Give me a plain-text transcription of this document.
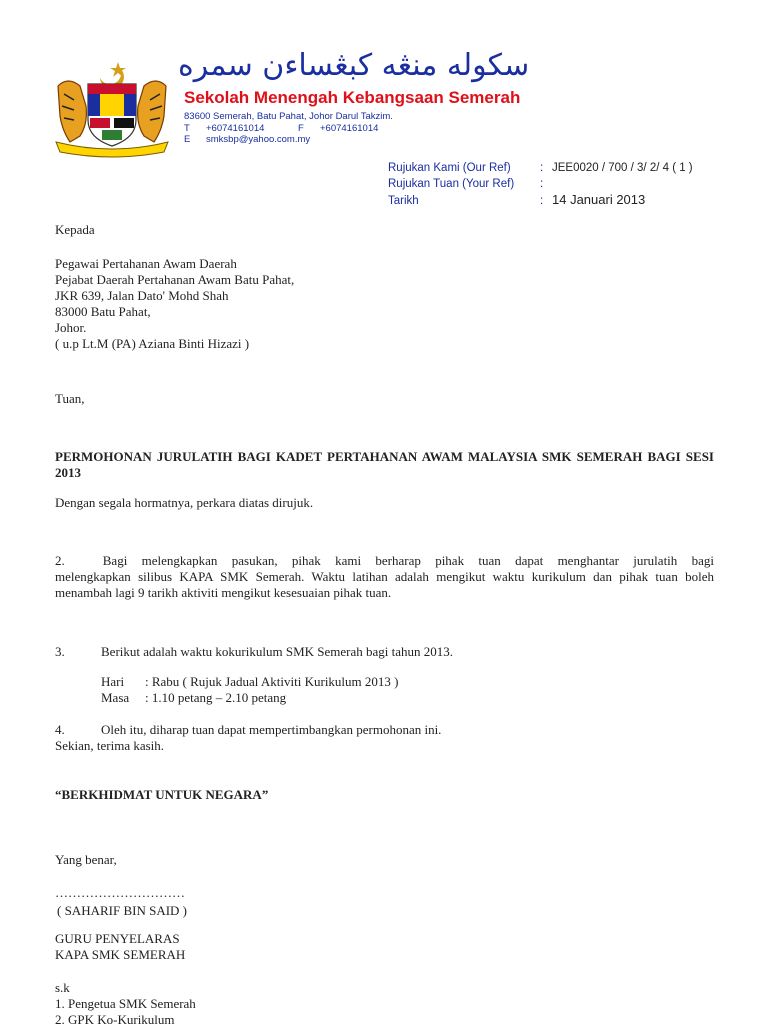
سکوله منڠه کبڠساءن سمره
Sekolah Menengah Kebangsaan Semerah
83600 Semerah, Batu Pahat, Johor Darul Takzim.
T +6074161014	F +6074161014
E smksbp@yahoo.com.my
Rujukan Kami (Our Ref)	: JEE0020 / 700 / 3/ 2/ 4 ( 1 )
Rujukan Tuan (Your Ref) :
Tarikh	: 14 Januari 2013
Kepada
Pegawai Pertahanan Awam Daerah
Pejabat Daerah Pertahanan Awam Batu Pahat,
JKR 639, Jalan Dato' Mohd Shah
83000 Batu Pahat,
Johor.
( u.p Lt.M (PA) Aziana Binti Hizazi )
Tuan,
PERMOHONAN JURULATIH BAGI KADET PERTAHANAN AWAM MALAYSIA SMK SEMERAH BAGI SESI 2013
Dengan segala hormatnya, perkara diatas dirujuk.
2.	Bagi melengkapkan pasukan, pihak kami berharap pihak tuan dapat menghantar jurulatih bagi
melengkapkan silibus KAPA SMK Semerah. Waktu latihan adalah mengikut waktu kurikulum dan pihak tuan boleh menambah lagi 9 tarikh aktiviti mengikut kesesuaian pihak tuan.
3.	Berikut adalah waktu kokurikulum SMK Semerah bagi tahun 2013.
Hari : Rabu ( Rujuk Jadual Aktiviti Kurikulum 2013 )
Masa : 1.10 petang – 2.10 petang
4.	Oleh itu, diharap tuan dapat mempertimbangkan permohonan ini.
Sekian, terima kasih.
“BERKHIDMAT UNTUK NEGARA”
Yang benar,
…………………………
( SAHARIF BIN SAID )
GURU PENYELARAS
KAPA SMK SEMERAH
s.k
1. Pengetua SMK Semerah
2. GPK Ko-Kurikulum
